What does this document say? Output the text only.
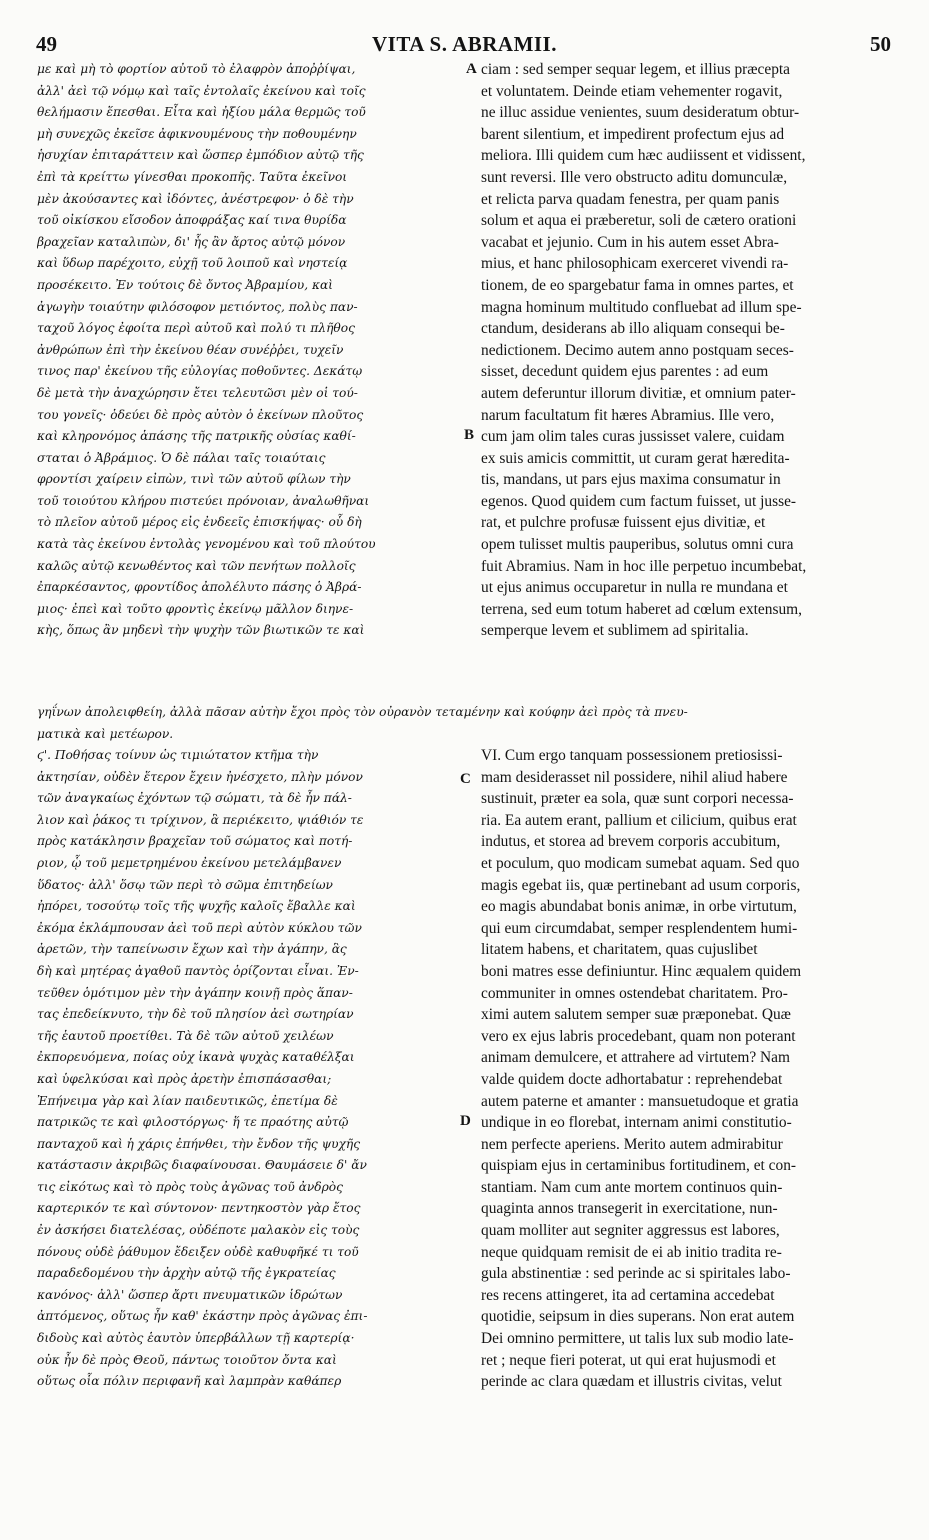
49	VITA S. ABRAMII.	50
με καὶ μὴ τὸ φορτίον αὐτοῦ τὸ ἐλαφρὸν ἀποῤῥίψαι,
ἀλλ' ἀεὶ τῷ νόμῳ καὶ ταῖς ἐντολαῖς ἐκείνου καὶ τοῖς
θελήμασιν ἕπεσθαι. Εἶτα καὶ ἠξίου μάλα θερμῶς τοῦ
μὴ συνεχῶς ἐκεῖσε ἀφικνουμένους τὴν ποθουμένην
ἡσυχίαν ἐπιταράττειν καὶ ὥσπερ ἐμπόδιον αὐτῷ τῆς
ἐπὶ τὰ κρείττω γίνεσθαι προκοπῆς. Ταῦτα ἐκεῖνοι
μὲν ἀκούσαντες καὶ ἰδόντες, ἀνέστρεφον· ὁ δὲ τὴν
τοῦ οἰκίσκου εἴσοδον ἀποφράξας καί τινα θυρίδα
βραχεῖαν καταλιπὼν, δι' ἧς ἂν ἄρτος αὐτῷ μόνον
καὶ ὕδωρ παρέχοιτο, εὐχῇ τοῦ λοιποῦ καὶ νηστείᾳ
προσέκειτο. Ἐν τούτοις δὲ ὄντος Ἀβραμίου, καὶ
ἀγωγὴν τοιαύτην φιλόσοφον μετιόντος, πολὺς παν-
ταχοῦ λόγος ἐφοίτα περὶ αὐτοῦ καὶ πολύ τι πλῆθος
ἀνθρώπων ἐπὶ τὴν ἐκείνου θέαν συνέῤῥει, τυχεῖν
τινος παρ' ἐκείνου τῆς εὐλογίας ποθοῦντες. Δεκάτῳ
δὲ μετὰ τὴν ἀναχώρησιν ἔτει τελευτῶσι μὲν οἱ τού-
του γονεῖς· ὁδεύει δὲ πρὸς αὐτὸν ὁ ἐκείνων πλοῦτος
καὶ κληρονόμος ἁπάσης τῆς πατρικῆς οὐσίας καθί-
σταται ὁ Ἀβράμιος. Ὁ δὲ πάλαι ταῖς τοιαύταις
φροντίσι χαίρειν εἰπὼν, τινὶ τῶν αὐτοῦ φίλων τὴν
τοῦ τοιούτου κλήρου πιστεύει πρόνοιαν, ἀναλωθῆναι
τὸ πλεῖον αὐτοῦ μέρος εἰς ἐνδεεῖς ἐπισκήψας· οὗ δὴ
κατὰ τὰς ἐκείνου ἐντολὰς γενομένου καὶ τοῦ πλούτου
καλῶς αὐτῷ κενωθέντος καὶ τῶν πενήτων πολλοῖς
ἐπαρκέσαντος, φροντίδος ἀπολέλυτο πάσης ὁ Ἀβρά-
μιος· ἐπεὶ καὶ τοῦτο φροντὶς ἐκείνῳ μᾶλλον διηνε-
κὴς, ὅπως ἂν μηδενὶ τὴν ψυχὴν τῶν βιωτικῶν τε καὶ
ciam : sed semper sequar legem, et illius præcepta
et voluntatem. Deinde etiam vehementer rogavit,
ne illuc assidue venientes, suum desideratum obtur-
barent silentium, et impedirent profectum ejus ad
meliora. Illi quidem cum hæc audiissent et vidissent,
sunt reversi. Ille vero obstructo aditu domunculæ,
et relicta parva quadam fenestra, per quam panis
solum et aqua ei præberetur, soli de cætero orationi
vacabat et jejunio. Cum in his autem esset Abra-
mius, et hanc philosophicam exerceret vivendi ra-
tionem, de eo spargebatur fama in omnes partes, et
magna hominum multitudo confluebat ad illum spe-
ctandum, desiderans ab illo aliquam consequi be-
nedictionem. Decimo autem anno postquam seces-
sisset, decedunt quidem ejus parentes : ad eum
autem deferuntur illorum divitiæ, et omnium pater-
narum facultatum fit hæres Abramius. Ille vero,
cum jam olim tales curas jussisset valere, cuidam
ex suis amicis committit, ut curam gerat hæredita-
tis, mandans, ut pars ejus maxima consumatur in
egenos. Quod quidem cum factum fuisset, ut jusse-
rat, et pulchre profusæ fuissent ejus divitiæ, et
opem tulisset multis pauperibus, solutus omni cura
fuit Abramius. Nam in hoc ille perpetuo incumbebat,
ut ejus animus occuparetur in nulla re mundana et
terrena, sed eum totum haberet ad cœlum extensum,
semperque levem et sublimem ad spiritalia.
γηΐνων ἀπολειφθείη, ἀλλὰ πᾶσαν αὐτὴν ἔχοι πρὸς τὸν οὐρανὸν τεταμένην καὶ κούφην ἀεὶ πρὸς τὰ πνευ-
ματικὰ καὶ μετέωρον.
ϛ'. Ποθήσας τοίνυν ὡς τιμιώτατον κτῆμα τὴν
ἀκτησίαν, οὐδὲν ἕτερον ἔχειν ἠνέσχετο, πλὴν μόνον
τῶν ἀναγκαίως ἐχόντων τῷ σώματι, τὰ δὲ ἦν πάλ-
λιον καὶ ῥάκος τι τρίχινον, ἃ περιέκειτο, ψιάθιόν τε
πρὸς κατάκλησιν βραχεῖαν τοῦ σώματος καὶ ποτή-
ριον, ᾧ τοῦ μεμετρημένου ἐκείνου μετελάμβανεν
ὕδατος· ἀλλ' ὅσῳ τῶν περὶ τὸ σῶμα ἐπιτηδείων
ἠπόρει, τοσούτῳ τοῖς τῆς ψυχῆς καλοῖς ἔβαλλε καὶ
ἐκόμα ἐκλάμπουσαν ἀεὶ τοῦ περὶ αὐτὸν κύκλου τῶν
ἀρετῶν, τὴν ταπείνωσιν ἔχων καὶ τὴν ἀγάπην, ἃς
δὴ καὶ μητέρας ἀγαθοῦ παντὸς ὁρίζονται εἶναι. Ἐν-
τεῦθεν ὁμότιμον μὲν τὴν ἀγάπην κοινῇ πρὸς ἅπαν-
τας ἐπεδείκνυτο, τὴν δὲ τοῦ πλησίον ἀεὶ σωτηρίαν
τῆς ἑαυτοῦ προετίθει. Τὰ δὲ τῶν αὐτοῦ χειλέων
ἐκπορευόμενα, ποίας οὐχ ἱκανὰ ψυχὰς καταθέλξαι
καὶ ὑφελκύσαι καὶ πρὸς ἀρετὴν ἐπισπάσασθαι;
Ἐπήνειμα γὰρ καὶ λίαν παιδευτικῶς, ἐπετίμα δὲ
πατρικῶς τε καὶ φιλοστόργως· ἥ τε πραότης αὐτῷ
πανταχοῦ καὶ ἡ χάρις ἐπήνθει, τὴν ἔνδον τῆς ψυχῆς
κατάστασιν ἀκριβῶς διαφαίνουσαι. Θαυμάσειε δ' ἄν
τις εἰκότως καὶ τὸ πρὸς τοὺς ἀγῶνας τοῦ ἀνδρὸς
καρτερικόν τε καὶ σύντονον· πεντηκοστὸν γὰρ ἔτος
ἐν ἀσκήσει διατελέσας, οὐδέποτε μαλακὸν εἰς τοὺς
πόνους οὐδὲ ῥάθυμον ἔδειξεν οὐδὲ καθυφῆκέ τι τοῦ
παραδεδομένου τὴν ἀρχὴν αὐτῷ τῆς ἐγκρατείας
κανόνος· ἀλλ' ὥσπερ ἄρτι πνευματικῶν ἱδρώτων
ἀπτόμενος, οὕτως ἦν καθ' ἑκάστην πρὸς ἀγῶνας ἐπι-
διδοὺς καὶ αὐτὸς ἑαυτὸν ὑπερβάλλων τῇ καρτερίᾳ·
οὐκ ἦν δὲ πρὸς Θεοῦ, πάντως τοιοῦτον ὄντα καὶ
οὕτως οἷα πόλιν περιφανῆ καὶ λαμπρὰν καθάπερ
VI. Cum ergo tanquam possessionem pretiosissi-
mam desiderasset nil possidere, nihil aliud habere
sustinuit, præter ea sola, quæ sunt corpori necessa-
ria. Ea autem erant, pallium et cilicium, quibus erat
indutus, et storea ad brevem corporis accubitum,
et poculum, quo modicam sumebat aquam. Sed quo
magis egebat iis, quæ pertinebant ad usum corporis,
eo magis abundabat bonis animæ, in orbe virtutum,
qui eum circumdabat, semper resplendentem humi-
litatem habens, et charitatem, quas cujuslibet
boni matres esse definiuntur. Hinc æqualem quidem
communiter in omnes ostendebat charitatem. Pro-
ximi autem salutem semper suæ præponebat. Quæ
vero ex ejus labris procedebant, quam non poterant
animam demulcere, et attrahere ad virtutem? Nam
valde quidem docte adhortabatur : reprehendebat
autem paterne et amanter : mansuetudoque et gratia
undique in eo florebat, internam animi constitutio-
nem perfecte aperiens. Merito autem admirabitur
quispiam ejus in certaminibus fortitudinem, et con-
stantiam. Nam cum ante mortem continuos quin-
quaginta annos transegerit in exercitatione, nun-
quam molliter aut segniter aggressus est labores,
neque quidquam remisit de ei ab initio tradita re-
gula abstinentiæ : sed perinde ac si spiritales labo-
res recens attingeret, ita ad certamina accedebat
quotidie, seipsum in dies superans. Non erat autem
Dei omnino permittere, ut talis lux sub modio late-
ret ; neque fieri poterat, ut qui erat hujusmodi et
perinde ac clara quædam et illustris civitas, velut
A
B
C
D
